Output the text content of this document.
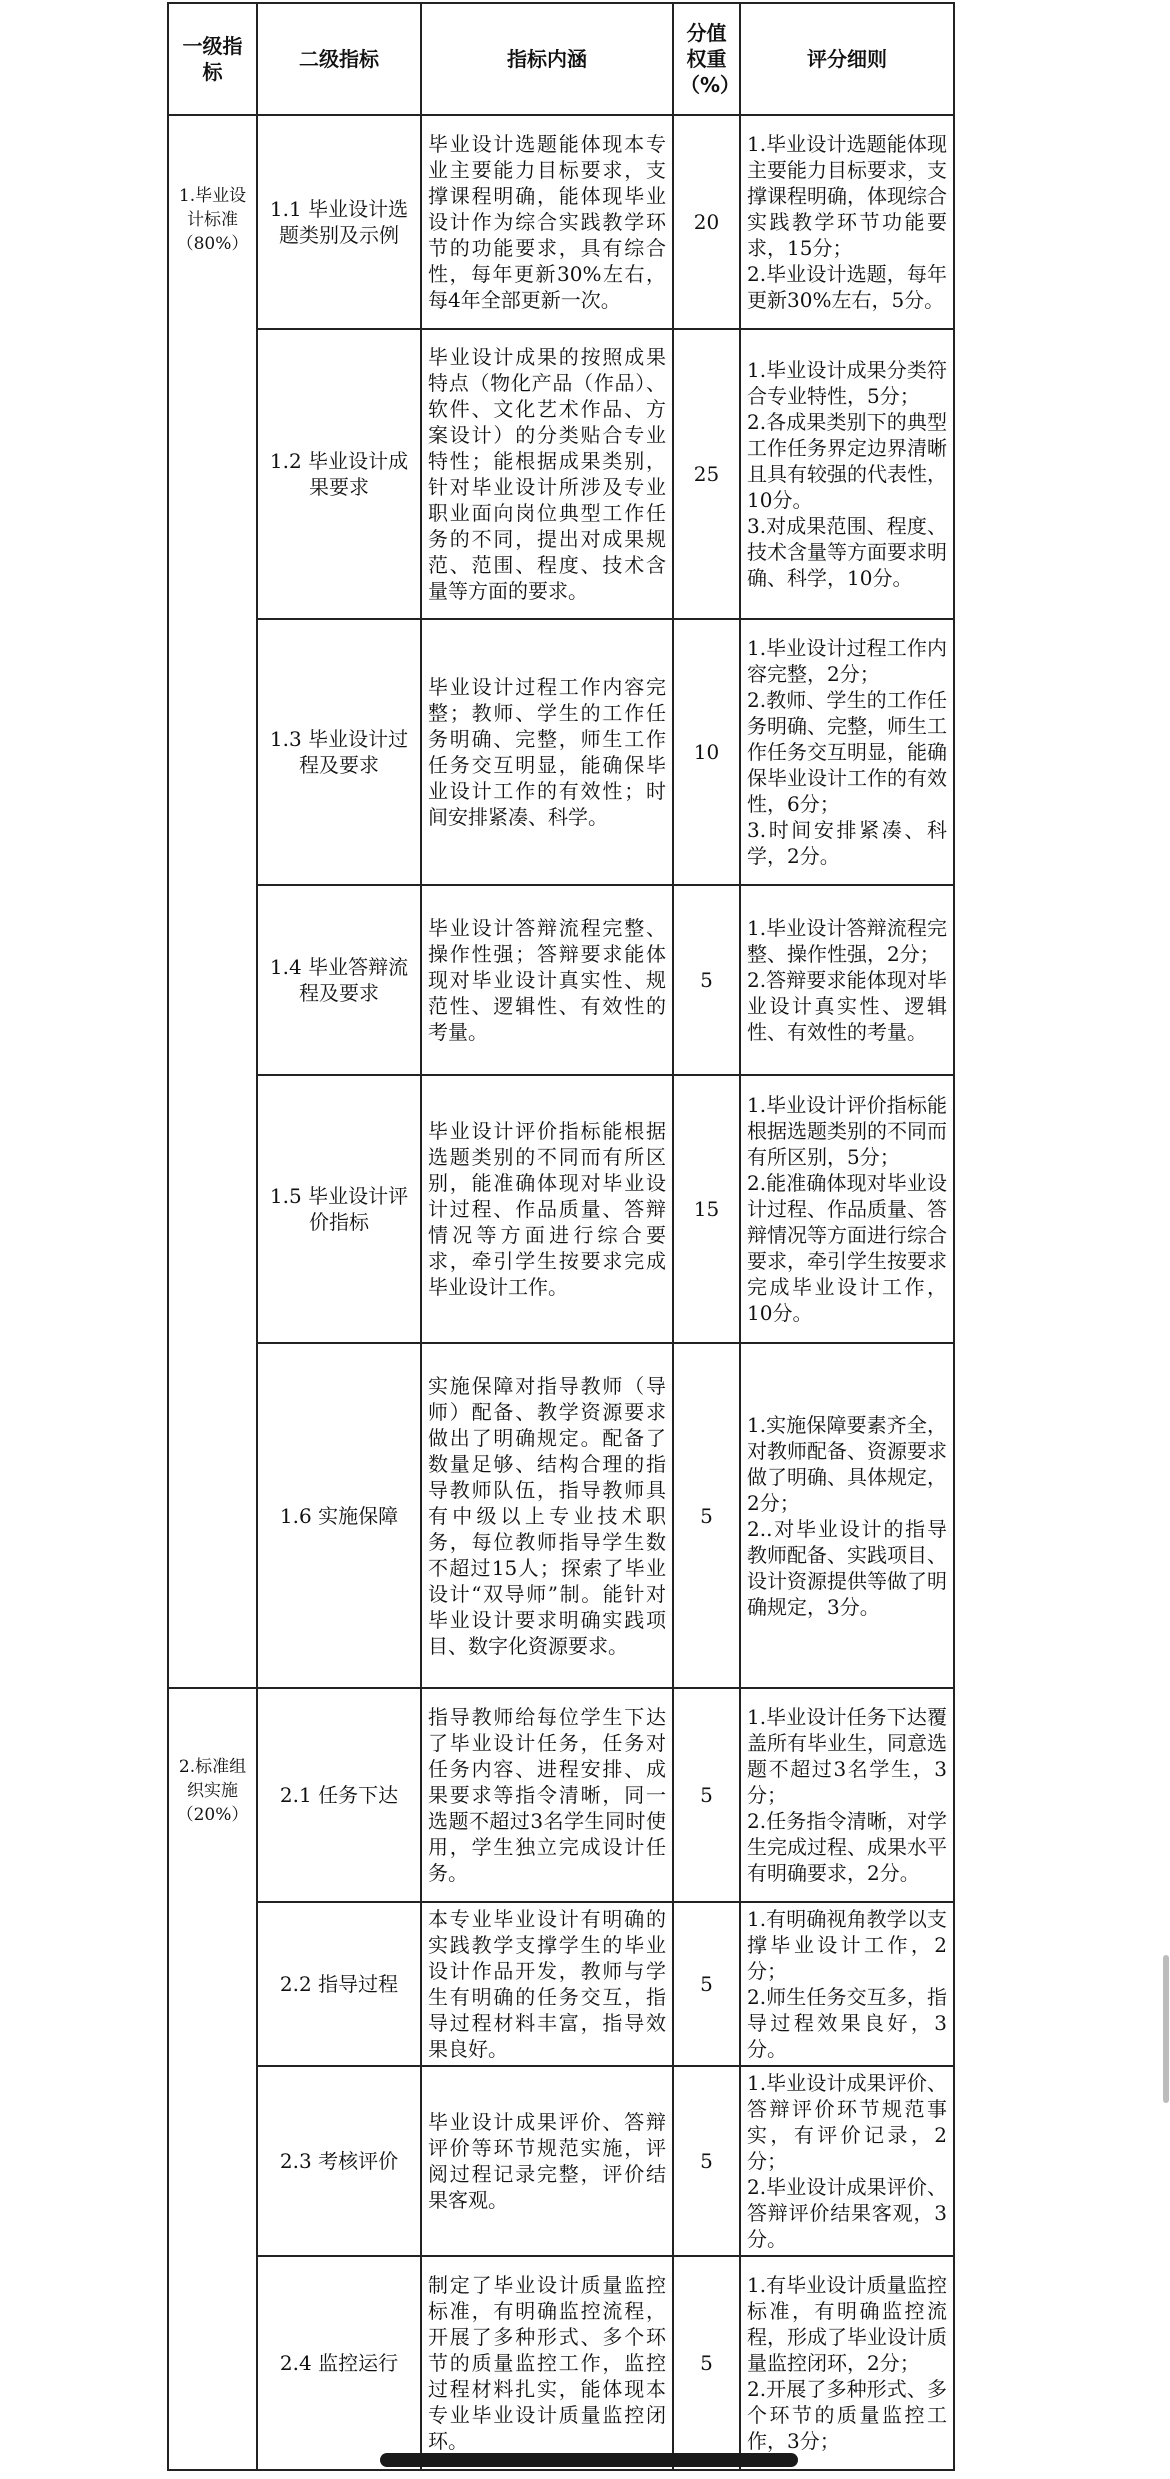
一级指标	二级指标	指标内涵	分值权重（%）	评分细则
1.毕业设计标准（80%）	1.1 毕业设计选题类别及示例	毕业设计选题能体现本专业主要能力目标要求，支撑课程明确，能体现毕业设计作为综合实践教学环节的功能要求，具有综合性，每年更新30%左右，每4年全部更新一次。	20	1.毕业设计选题能体现主要能力目标要求，支撑课程明确，体现综合实践教学环节功能要求，15分；
2.毕业设计选题，每年更新30%左右，5分。
	1.2 毕业设计成果要求	毕业设计成果的按照成果特点（物化产品（作品）、软件、文化艺术作品、方案设计）的分类贴合专业特性；能根据成果类别，针对毕业设计所涉及专业职业面向岗位典型工作任务的不同，提出对成果规范、范围、程度、技术含量等方面的要求。	25	1.毕业设计成果分类符合专业特性，5分；
2.各成果类别下的典型工作任务界定边界清晰且具有较强的代表性，10分。
3.对成果范围、程度、技术含量等方面要求明确、科学，10分。
	1.3 毕业设计过程及要求	毕业设计过程工作内容完整；教师、学生的工作任务明确、完整，师生工作任务交互明显，能确保毕业设计工作的有效性；时间安排紧凑、科学。	10	1.毕业设计过程工作内容完整，2分；
2.教师、学生的工作任务明确、完整，师生工作任务交互明显，能确保毕业设计工作的有效性，6分；
3.时间安排紧凑、科学，2分。
	1.4 毕业答辩流程及要求	毕业设计答辩流程完整、操作性强；答辩要求能体现对毕业设计真实性、规范性、逻辑性、有效性的考量。	5	1.毕业设计答辩流程完整、操作性强，2分；
2.答辩要求能体现对毕业设计真实性、逻辑性、有效性的考量。
	1.5 毕业设计评价指标	毕业设计评价指标能根据选题类别的不同而有所区别，能准确体现对毕业设计过程、作品质量、答辩情况等方面进行综合要求，牵引学生按要求完成毕业设计工作。	15	1.毕业设计评价指标能根据选题类别的不同而有所区别，5分；
2.能准确体现对毕业设计过程、作品质量、答辩情况等方面进行综合要求，牵引学生按要求完成毕业设计工作，10分。
	1.6 实施保障	实施保障对指导教师（导师）配备、教学资源要求做出了明确规定。配备了数量足够、结构合理的指导教师队伍，指导教师具有中级以上专业技术职务，每位教师指导学生数不超过15人；探索了毕业设计“双导师”制。能针对毕业设计要求明确实践项目、数字化资源要求。	5	1.实施保障要素齐全，对教师配备、资源要求做了明确、具体规定，2分；
2..对毕业设计的指导教师配备、实践项目、设计资源提供等做了明确规定，3分。
2.标准组织实施（20%）	2.1 任务下达	指导教师给每位学生下达了毕业设计任务，任务对任务内容、进程安排、成果要求等指令清晰，同一选题不超过3名学生同时使用，学生独立完成设计任务。	5	1.毕业设计任务下达覆盖所有毕业生，同意选题不超过3名学生，3分；
2.任务指令清晰，对学生完成过程、成果水平有明确要求，2分。
	2.2 指导过程	本专业毕业设计有明确的实践教学支撑学生的毕业设计作品开发，教师与学生有明确的任务交互，指导过程材料丰富，指导效果良好。	5	1.有明确视角教学以支撑毕业设计工作，2分；
2.师生任务交互多，指导过程效果良好，3分。
	2.3 考核评价	毕业设计成果评价、答辩评价等环节规范实施，评阅过程记录完整，评价结果客观。	5	1.毕业设计成果评价、答辩评价环节规范事实，有评价记录，2分；
2.毕业设计成果评价、答辩评价结果客观，3分。
	2.4 监控运行	制定了毕业设计质量监控标准，有明确监控流程，开展了多种形式、多个环节的质量监控工作，监控过程材料扎实，能体现本专业毕业设计质量监控闭环。	5	1.有毕业设计质量监控标准，有明确监控流程，形成了毕业设计质量监控闭环，2分；
2.开展了多种形式、多个环节的质量监控工作，3分；
